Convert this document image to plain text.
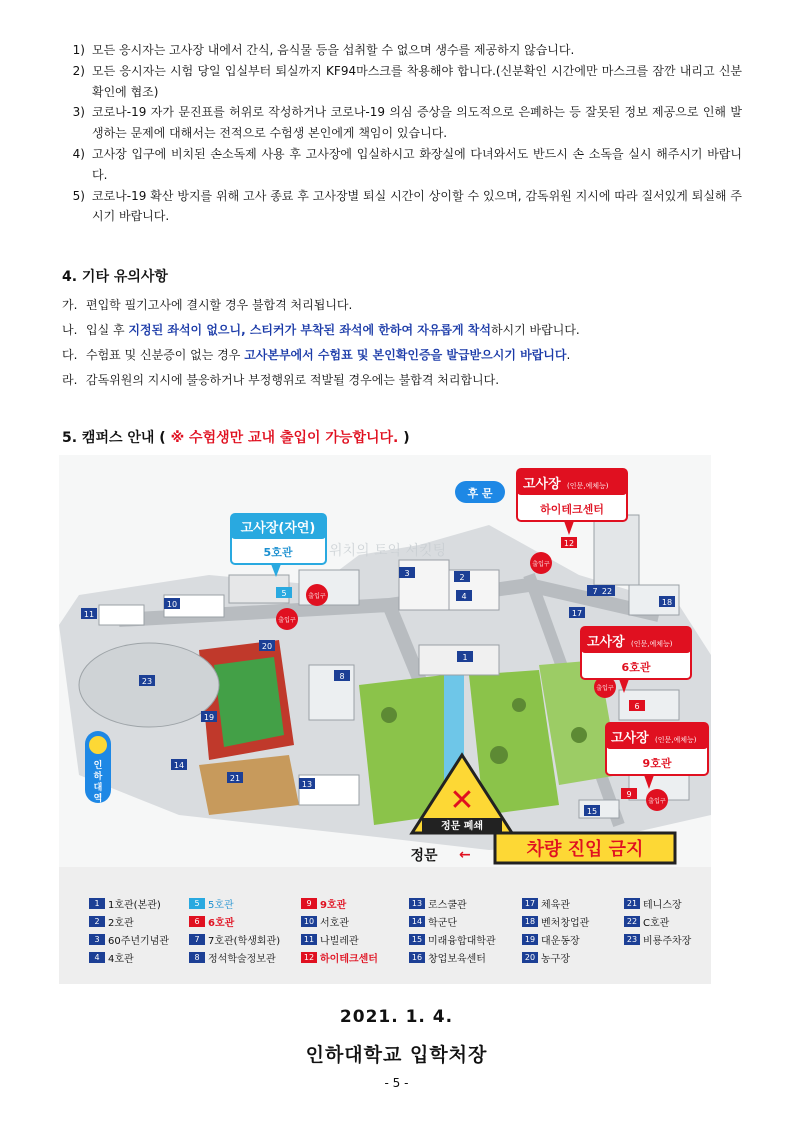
1) 모든 응시자는 고사장 내에서 간식, 음식물 등을 섭취할 수 없으며 생수를 제공하지 않습니다.
2) 모든 응시자는 시험 당일 입실부터 퇴실까지 KF94마스크를 착용해야 합니다.(신분확인 시간에만 마스크를 잠깐 내리고 신분확인에 협조)
3) 코로나-19 자가 문진표를 허위로 작성하거나 코로나-19 의심 증상을 의도적으로 은폐하는 등 잘못된 정보 제공으로 인해 발생하는 문제에 대해서는 전적으로 수험생 본인에게 책임이 있습니다.
4) 고사장 입구에 비치된 손소독제 사용 후 고사장에 입실하시고 화장실에 다녀와서도 반드시 손 소독을 실시 해주시기 바랍니다.
5) 코로나-19 확산 방지를 위해 고사 종료 후 고사장별 퇴실 시간이 상이할 수 있으며, 감독위원 지시에 따라 질서있게 퇴실해 주시기 바랍니다.
4. 기타 유의사항
가. 편입학 필기고사에 결시할 경우 불합격 처리됩니다.
나. 입실 후 지정된 좌석이 없으니, 스티커가 부착된 좌석에 한하여 자유롭게 착석하시기 바랍니다.
다. 수험표 및 신분증이 없는 경우 고사본부에서 수험표 및 본인확인증을 발급받으시기 바랍니다.
라. 감독위원의 지시에 불응하거나 부정행위로 적발될 경우에는 불합격 처리합니다.
5. 캠퍼스 안내 ( ※ 수험생만 교내 출입이 가능합니다. )
11
10
20
23
19
14
21
13
8
3	2
4
1
7 22
18
17
15
5
12
6
9
출입구
출입구
출입구
출입구
출입구
후 문
위치의 토익 서킷팅
고사장(자연)
5호관
고사장 (인문,예체능)
하이테크센터
고사장 (인문,예체능)
6호관
고사장 (인문,예체능)
9호관
인 하 대 역	✕
정문 폐쇄
정문 ←	차량 진입 금지
1 1호관(본관)
2 2호관
3 60주년기념관
4 4호관
5 5호관
6 6호관
7 7호관(학생회관)
8 정석학술정보관
9 9호관
10 서호관
11 나빌레관
12 하이테크센터
13 로스쿨관
14 학군단
15 미래융합대학관
16 창업보육센터
17 체육관
18 벤처창업관
19 대운동장
20 농구장
21 테니스장
22 C호관
23 비룡주차장
2021. 1. 4.
인하대학교 입학처장
- 5 -
